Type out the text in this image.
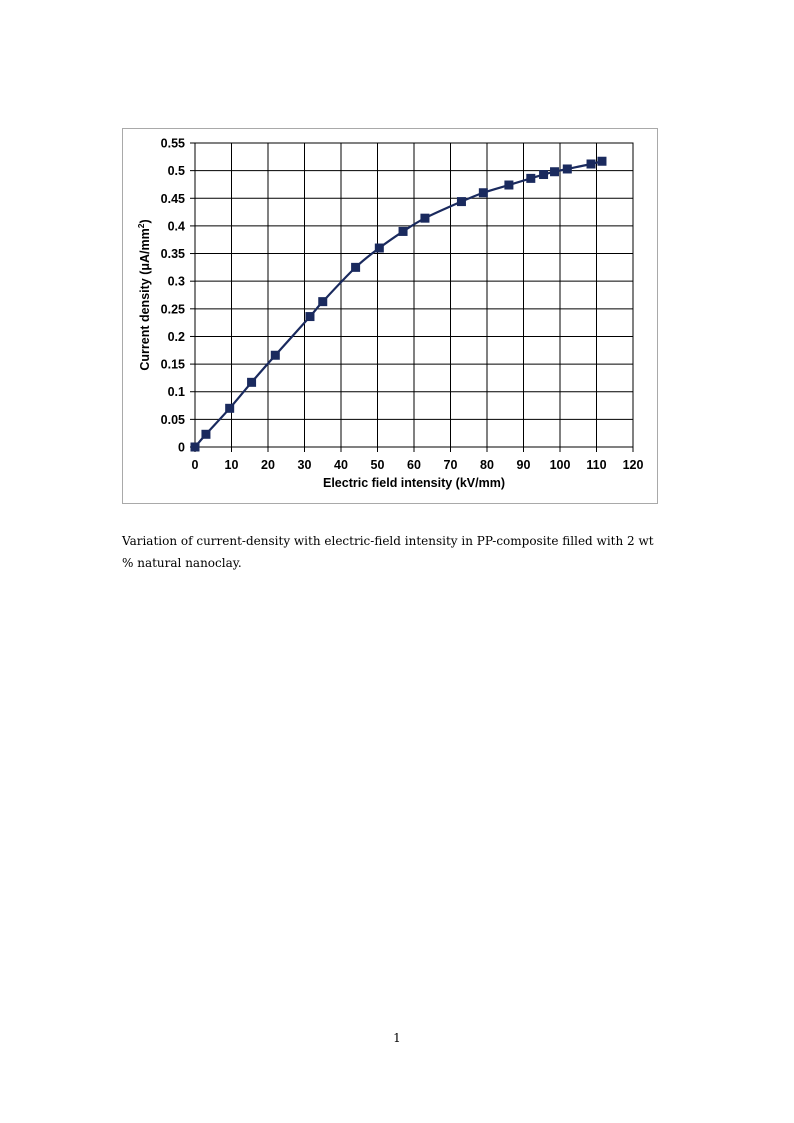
0
0.05
0.1
0.15
0.2
0.25
0.3
0.35
0.4
0.45
0.5
0.55
0 10 20 30 40 50 60 70 80 90 100 110 120
Electric field intensity (kV/mm)
Current density $(\mu A/mm^2)$
Variation of current-density with electric-field intensity in PP-composite filled with 2 wt % natural nanoclay.
1
